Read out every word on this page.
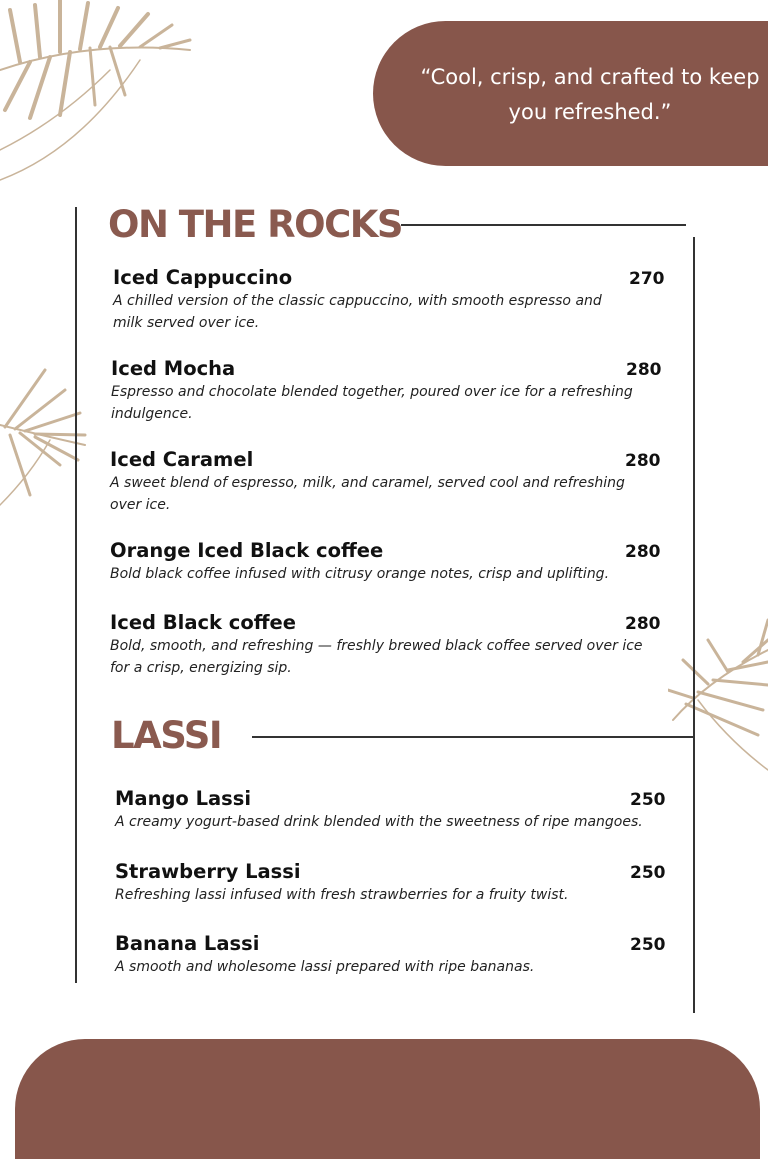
“Cool, crisp, and crafted to keep you refreshed.”
ON THE ROCKS
Iced Cappuccino	270
A chilled version of the classic cappuccino, with smooth espresso and milk served over ice.
Iced Mocha	280
Espresso and chocolate blended together, poured over ice for a refreshing indulgence.
Iced Caramel	280
A sweet blend of espresso, milk, and caramel, served cool and refreshing over ice.
Orange Iced Black coffee	280
Bold black coffee infused with citrusy orange notes, crisp and uplifting.
Iced Black coffee	280
Bold, smooth, and refreshing — freshly brewed black coffee served over ice for a crisp, energizing sip.
LASSI
Mango Lassi	250
A creamy yogurt-based drink blended with the sweetness of ripe mangoes.
Strawberry Lassi	250
Refreshing lassi infused with fresh strawberries for a fruity twist.
Banana Lassi	250
A smooth and wholesome lassi prepared with ripe bananas.
